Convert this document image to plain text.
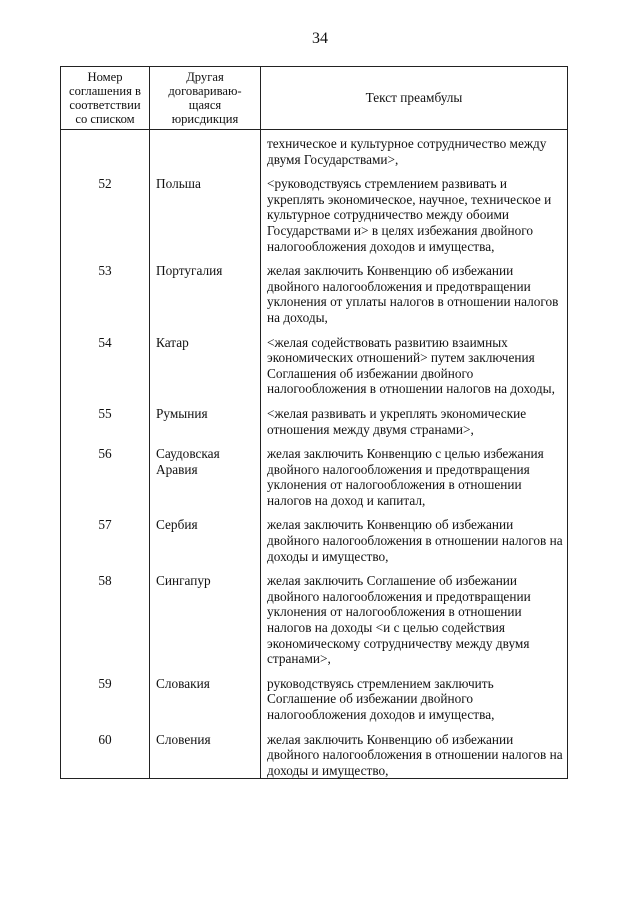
34
Номер соглашения в соответствии со списком	Другая договариваю-щаяся юрисдикция	Текст преамбулы
		техническое и культурное сотрудничество между двумя Государствами>,

52	Польша	<руководствуясь стремлением развивать и укреплять экономическое, научное, техническое и культурное сотрудничество между обоими Государствами и> в целях избежания двойного налогообложения доходов и имущества,

53	Португалия	желая заключить Конвенцию об избежании двойного налогообложения и предотвращении уклонения от уплаты налогов в отношении налогов на доходы,

54	Катар	<желая содействовать развитию взаимных экономических отношений> путем заключения Соглашения об избежании двойного налогообложения в отношении налогов на доходы,

55	Румыния	<желая развивать и укреплять экономические отношения между двумя странами>,

56	Саудовская Аравия	желая заключить Конвенцию с целью избежания двойного налогообложения и предотвращения уклонения от налогообложения в отношении налогов на доход и капитал,

57	Сербия	желая заключить Конвенцию об избежании двойного налогообложения в отношении налогов на доходы и имущество,

58	Сингапур	желая заключить Соглашение об избежании двойного налогообложения и предотвращении уклонения от налогообложения в отношении налогов на доходы <и с целью содействия экономическому сотрудничеству между двумя странами>,

59	Словакия	руководствуясь стремлением заключить Соглашение об избежании двойного налогообложения доходов и имущества,

60	Словения	желая заключить Конвенцию об избежании двойного налогообложения в отношении налогов на доходы и имущество,
